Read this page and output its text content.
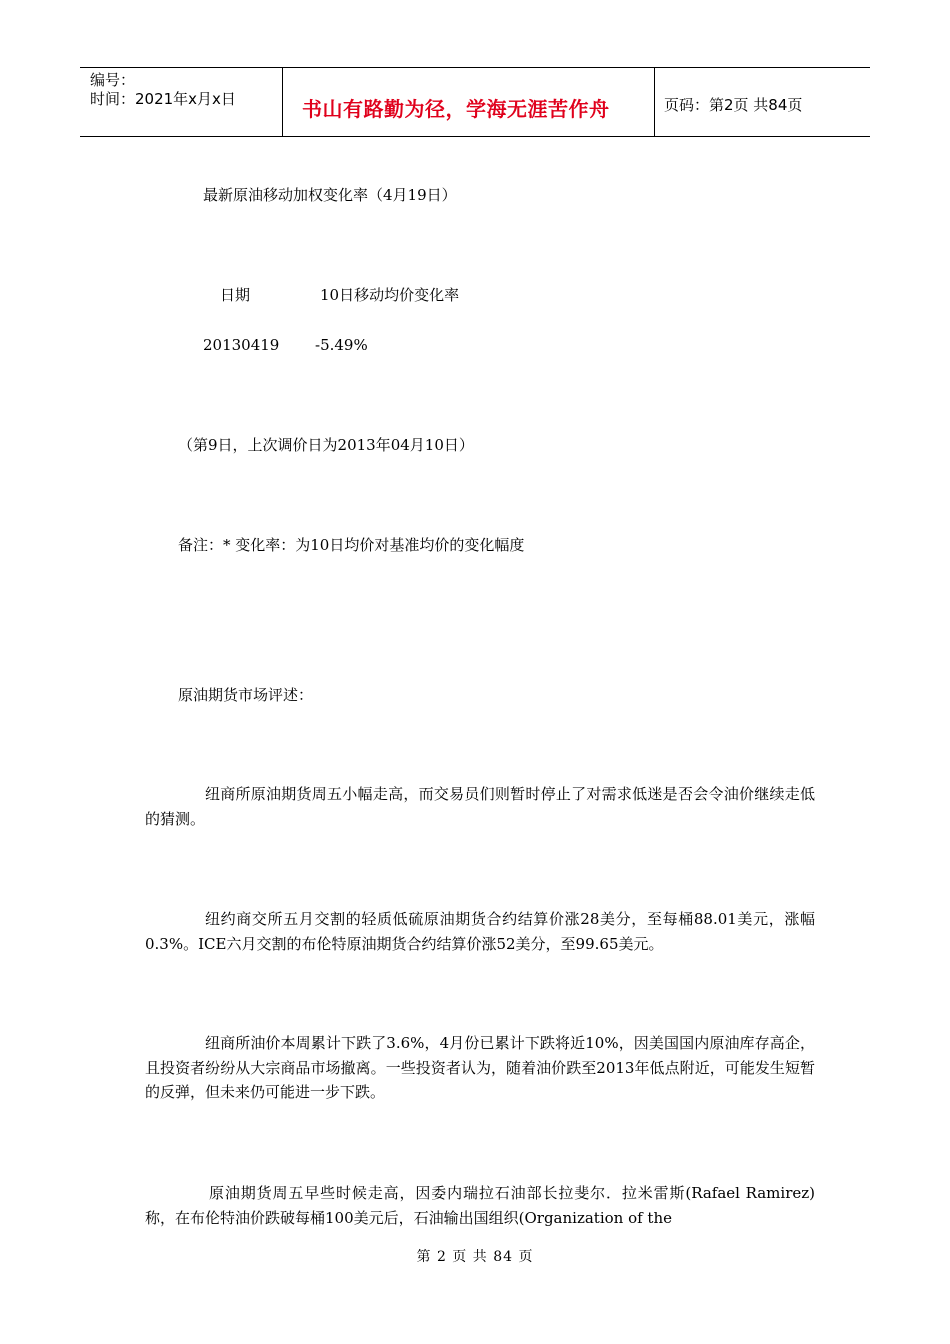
编号：
时间：2021年x月x日	书山有路勤为径，学海无涯苦作舟	页码：第2页 共84页
最新原油移动加权变化率（4月19日）
日期	10日移动均价变化率
20130419 -5.49%
（第9日，上次调价日为2013年04月10日）
备注：* 变化率：为10日均价对基准均价的变化幅度
原油期货市场评述：
纽商所原油期货周五小幅走高，而交易员们则暂时停止了对需求低迷是否会令油价继续走低的猜测。
纽约商交所五月交割的轻质低硫原油期货合约结算价涨28美分，至每桶88.01美元，涨幅0.3%。ICE六月交割的布伦特原油期货合约结算价涨52美分，至99.65美元。
纽商所油价本周累计下跌了3.6%，4月份已累计下跌将近10%，因美国国内原油库存高企，且投资者纷纷从大宗商品市场撤离。一些投资者认为，随着油价跌至2013年低点附近，可能发生短暂的反弹，但未来仍可能进一步下跌。
原油期货周五早些时候走高，因委内瑞拉石油部长拉斐尔．拉米雷斯(Rafael Ramirez)称，在布伦特油价跌破每桶100美元后，石油输出国组织(Organization of the
第 2 页 共 84 页
